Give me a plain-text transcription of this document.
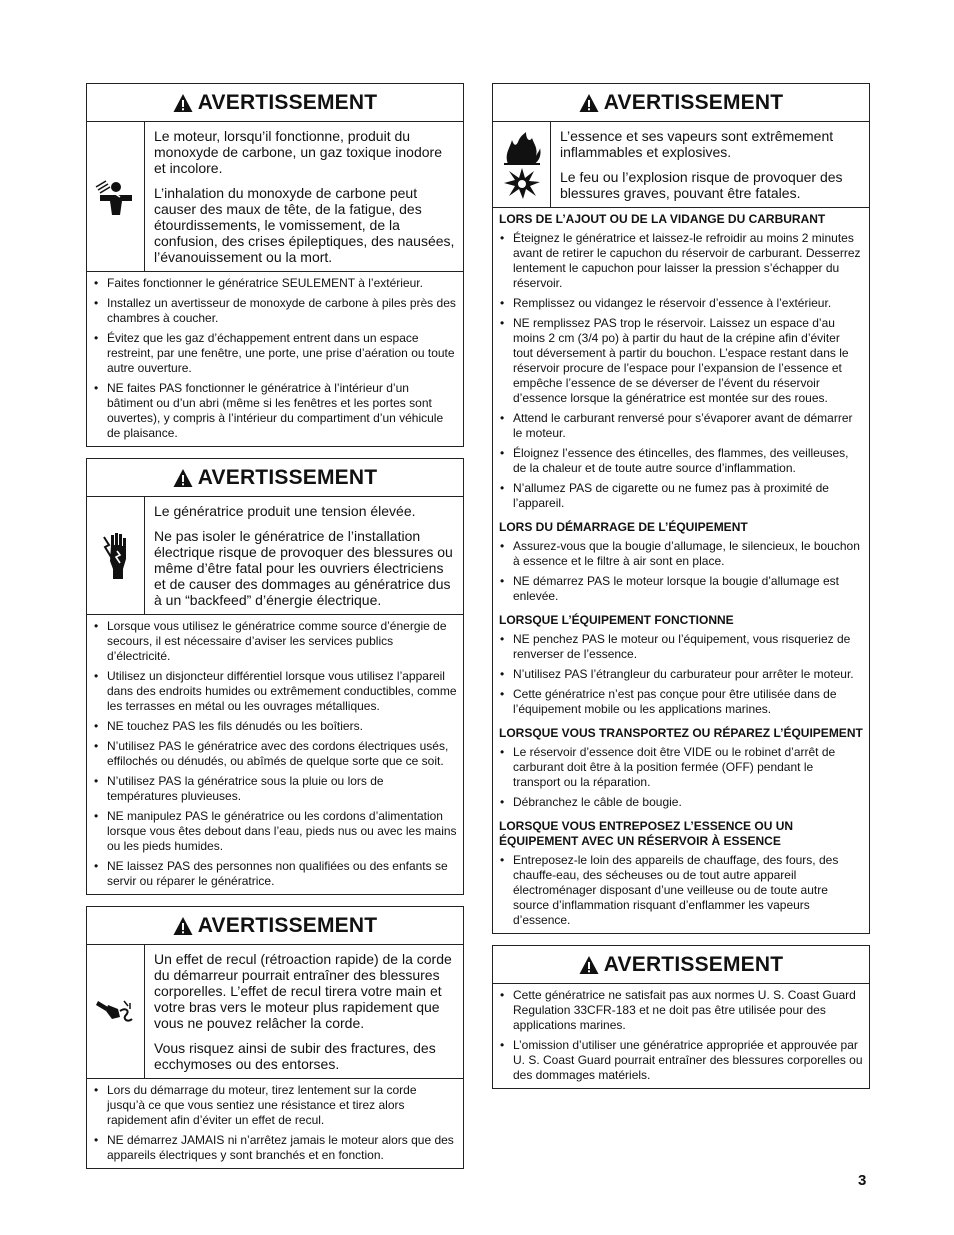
AVERTISSEMENT

Le moteur, lorsqu’il fonctionne, produit du monoxyde de carbone, un gaz toxique inodore et incolore.

L’inhalation du monoxyde de carbone peut causer des maux de tête, de la fatigue, des étourdissements, le vomissement, de la confusion, des crises épileptiques, des nausées, l’évanouissement ou la mort.

• Faites fonctionner le génératrice SEULEMENT à l’extérieur.
• Installez un avertisseur de monoxyde de carbone à piles près des chambres à coucher.
• Évitez que les gaz d’échappement entrent dans un espace restreint, par une fenêtre, une porte, une prise d’aération ou toute autre ouverture.
• NE faites PAS fonctionner le génératrice à l’intérieur d’un bâtiment ou d’un abri (même si les fenêtres et les portes sont ouvertes), y compris à l’intérieur du compartiment d’un véhicule de plaisance.
AVERTISSEMENT

Le génératrice produit une tension élevée.

Ne pas isoler le génératrice de l’installation électrique risque de provoquer des blessures ou même d’être fatal pour les ouvriers électriciens et de causer des dommages au génératrice dus à un “backfeed” d’énergie électrique.

• Lorsque vous utilisez le génératrice comme source d’énergie de secours, il est nécessaire d’aviser les services publics d’électricité.
• Utilisez un disjoncteur différentiel lorsque vous utilisez l’appareil dans des endroits humides ou extrêmement conductibles, comme les terrasses en métal ou les ouvrages métalliques.
• NE touchez PAS les fils dénudés ou les boîtiers.
• N’utilisez PAS le génératrice avec des cordons électriques usés, effilochés ou dénudés, ou abîmés de quelque sorte que ce soit.
• N’utilisez PAS la génératrice sous la pluie ou lors de températures pluvieuses.
• NE manipulez PAS le génératrice ou les cordons d’alimentation lorsque vous êtes debout dans l’eau, pieds nus ou avec les mains ou les pieds humides.
• NE laissez PAS des personnes non qualifiées ou des enfants se servir ou réparer le génératrice.
AVERTISSEMENT

Un effet de recul (rétroaction rapide) de la corde du démarreur pourrait entraîner des blessures corporelles. L’effet de recul tirera votre main et votre bras vers le moteur plus rapidement que vous ne pouvez relâcher la corde.

Vous risquez ainsi de subir des fractures, des ecchymoses ou des entorses.

• Lors du démarrage du moteur, tirez lentement sur la corde jusqu’à ce que vous sentiez une résistance et tirez alors rapidement afin d’éviter un effet de recul.
• NE démarrez JAMAIS ni n’arrêtez jamais le moteur alors que des appareils électriques y sont branchés et en fonction.
AVERTISSEMENT

L’essence et ses vapeurs sont extrêmement inflammables et explosives.

Le feu ou l’explosion risque de provoquer des blessures graves, pouvant être fatales.

LORS DE L’AJOUT OU DE LA VIDANGE DU CARBURANT
• Éteignez le génératrice et laissez-le refroidir au moins 2 minutes avant de retirer le capuchon du réservoir de carburant. Desserrez lentement le capuchon pour laisser la pression s’échapper du réservoir.
• Remplissez ou vidangez le réservoir d’essence à l’extérieur.
• NE remplissez PAS trop le réservoir. Laissez un espace d’au moins 2 cm (3/4 po) à partir du haut de la crépine afin d’éviter tout déversement à partir du bouchon. L’espace restant dans le réservoir procure de l’espace pour l’expansion de l’essence et empêche l’essence de se déverser de l’évent du réservoir d’essence lorsque la génératrice est montée sur des roues.
• Attend le carburant renversé pour s’évaporer avant de démarrer le moteur.
• Éloignez l’essence des étincelles, des flammes, des veilleuses, de la chaleur et de toute autre source d’inflammation.
• N’allumez PAS de cigarette ou ne fumez pas à proximité de l’appareil.
LORS DU DÉMARRAGE DE L’ÉQUIPEMENT
• Assurez-vous que la bougie d’allumage, le silencieux, le bouchon à essence et le filtre à air sont en place.
• NE démarrez PAS le moteur lorsque la bougie d’allumage est enlevée.
LORSQUE L’ÉQUIPEMENT FONCTIONNE
• NE penchez PAS le moteur ou l’équipement, vous risqueriez de renverser de l’essence.
• N’utilisez PAS l’étrangleur du carburateur pour arrêter le moteur.
• Cette génératrice n’est pas conçue pour être utilisée dans de l’équipement mobile ou les applications marines.
LORSQUE VOUS TRANSPORTEZ OU RÉPAREZ L’ÉQUIPEMENT
• Le réservoir d’essence doit être VIDE ou le robinet d’arrêt de carburant doit être à la position fermée (OFF) pendant le transport ou la réparation.
• Débranchez le câble de bougie.
LORSQUE VOUS ENTREPOSEZ L’ESSENCE OU UN ÉQUIPEMENT AVEC UN RÉSERVOIR À ESSENCE
• Entreposez-le loin des appareils de chauffage, des fours, des chauffe-eau, des sécheuses ou de tout autre appareil électroménager disposant d’une veilleuse ou de toute autre source d’inflammation risquant d’enflammer les vapeurs d’essence.
AVERTISSEMENT
• Cette génératrice ne satisfait pas aux normes U. S. Coast Guard Regulation 33CFR-183 et ne doit pas être utilisée pour des applications marines.
• L’omission d’utiliser une génératrice appropriée et approuvée par U. S. Coast Guard pourrait entraîner des blessures corporelles ou des dommages matériels.
3
